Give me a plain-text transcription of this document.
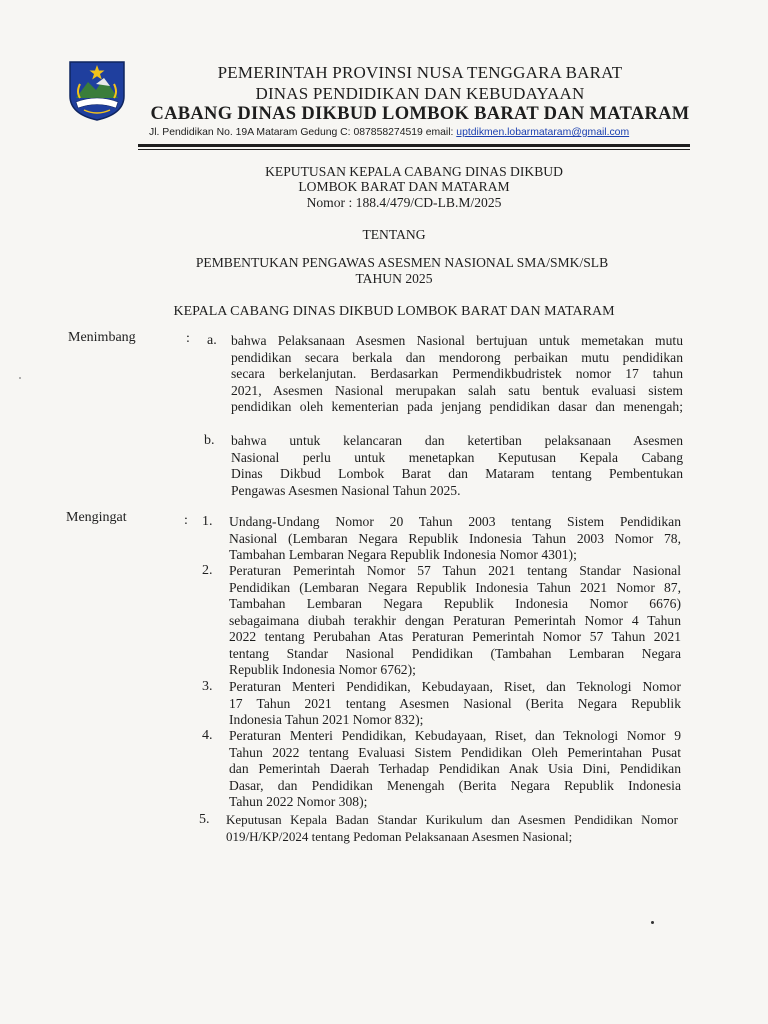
PEMERINTAH PROVINSI NUSA TENGGARA BARAT
DINAS PENDIDIKAN DAN KEBUDAYAAN
CABANG DINAS DIKBUD LOMBOK BARAT DAN MATARAM
Jl. Pendidikan No. 19A Mataram Gedung C: 087858274519 email: uptdikmen.lobarmataram@gmail.com
KEPUTUSAN KEPALA CABANG DINAS DIKBUD
LOMBOK BARAT DAN MATARAM
Nomor : 188.4/479/CD-LB.M/2025
TENTANG
PEMBENTUKAN PENGAWAS ASESMEN NASIONAL SMA/SMK/SLB
TAHUN 2025
KEPALA CABANG DINAS DIKBUD LOMBOK BARAT DAN MATARAM
Menimbang	: a. bahwa Pelaksanaan Asesmen Nasional bertujuan untuk memetakan mutu
pendidikan secara berkala dan mendorong perbaikan mutu pendidikan
secara berkelanjutan. Berdasarkan Permendikbudristek nomor 17 tahun
2021, Asesmen Nasional merupakan salah satu bentuk evaluasi sistem
pendidikan oleh kementerian pada jenjang pendidikan dasar dan menengah;
b. bahwa untuk kelancaran dan ketertiban pelaksanaan Asesmen
Nasional perlu untuk menetapkan Keputusan Kepala Cabang
Dinas Dikbud Lombok Barat dan Mataram tentang Pembentukan
Pengawas Asesmen Nasional Tahun 2025.
Mengingat	: 1. Undang-Undang Nomor 20 Tahun 2003 tentang Sistem Pendidikan
Nasional (Lembaran Negara Republik Indonesia Tahun 2003 Nomor 78,
Tambahan Lembaran Negara Republik Indonesia Nomor 4301);
2. Peraturan Pemerintah Nomor 57 Tahun 2021 tentang Standar Nasional
Pendidikan (Lembaran Negara Republik Indonesia Tahun 2021 Nomor 87,
Tambahan Lembaran Negara Republik Indonesia Nomor 6676)
sebagaimana diubah terakhir dengan Peraturan Pemerintah Nomor 4 Tahun
2022 tentang Perubahan Atas Peraturan Pemerintah Nomor 57 Tahun 2021
tentang Standar Nasional Pendidikan (Tambahan Lembaran Negara
Republik Indonesia Nomor 6762);
3. Peraturan Menteri Pendidikan, Kebudayaan, Riset, dan Teknologi Nomor
17 Tahun 2021 tentang Asesmen Nasional (Berita Negara Republik
Indonesia Tahun 2021 Nomor 832);
4. Peraturan Menteri Pendidikan, Kebudayaan, Riset, dan Teknologi Nomor 9
Tahun 2022 tentang Evaluasi Sistem Pendidikan Oleh Pemerintahan Pusat
dan Pemerintah Daerah Terhadap Pendidikan Anak Usia Dini, Pendidikan
Dasar, dan Pendidikan Menengah (Berita Negara Republik Indonesia
Tahun 2022 Nomor 308);
5. Keputusan Kepala Badan Standar Kurikulum dan Asesmen Pendidikan Nomor
019/H/KP/2024 tentang Pedoman Pelaksanaan Asesmen Nasional;
